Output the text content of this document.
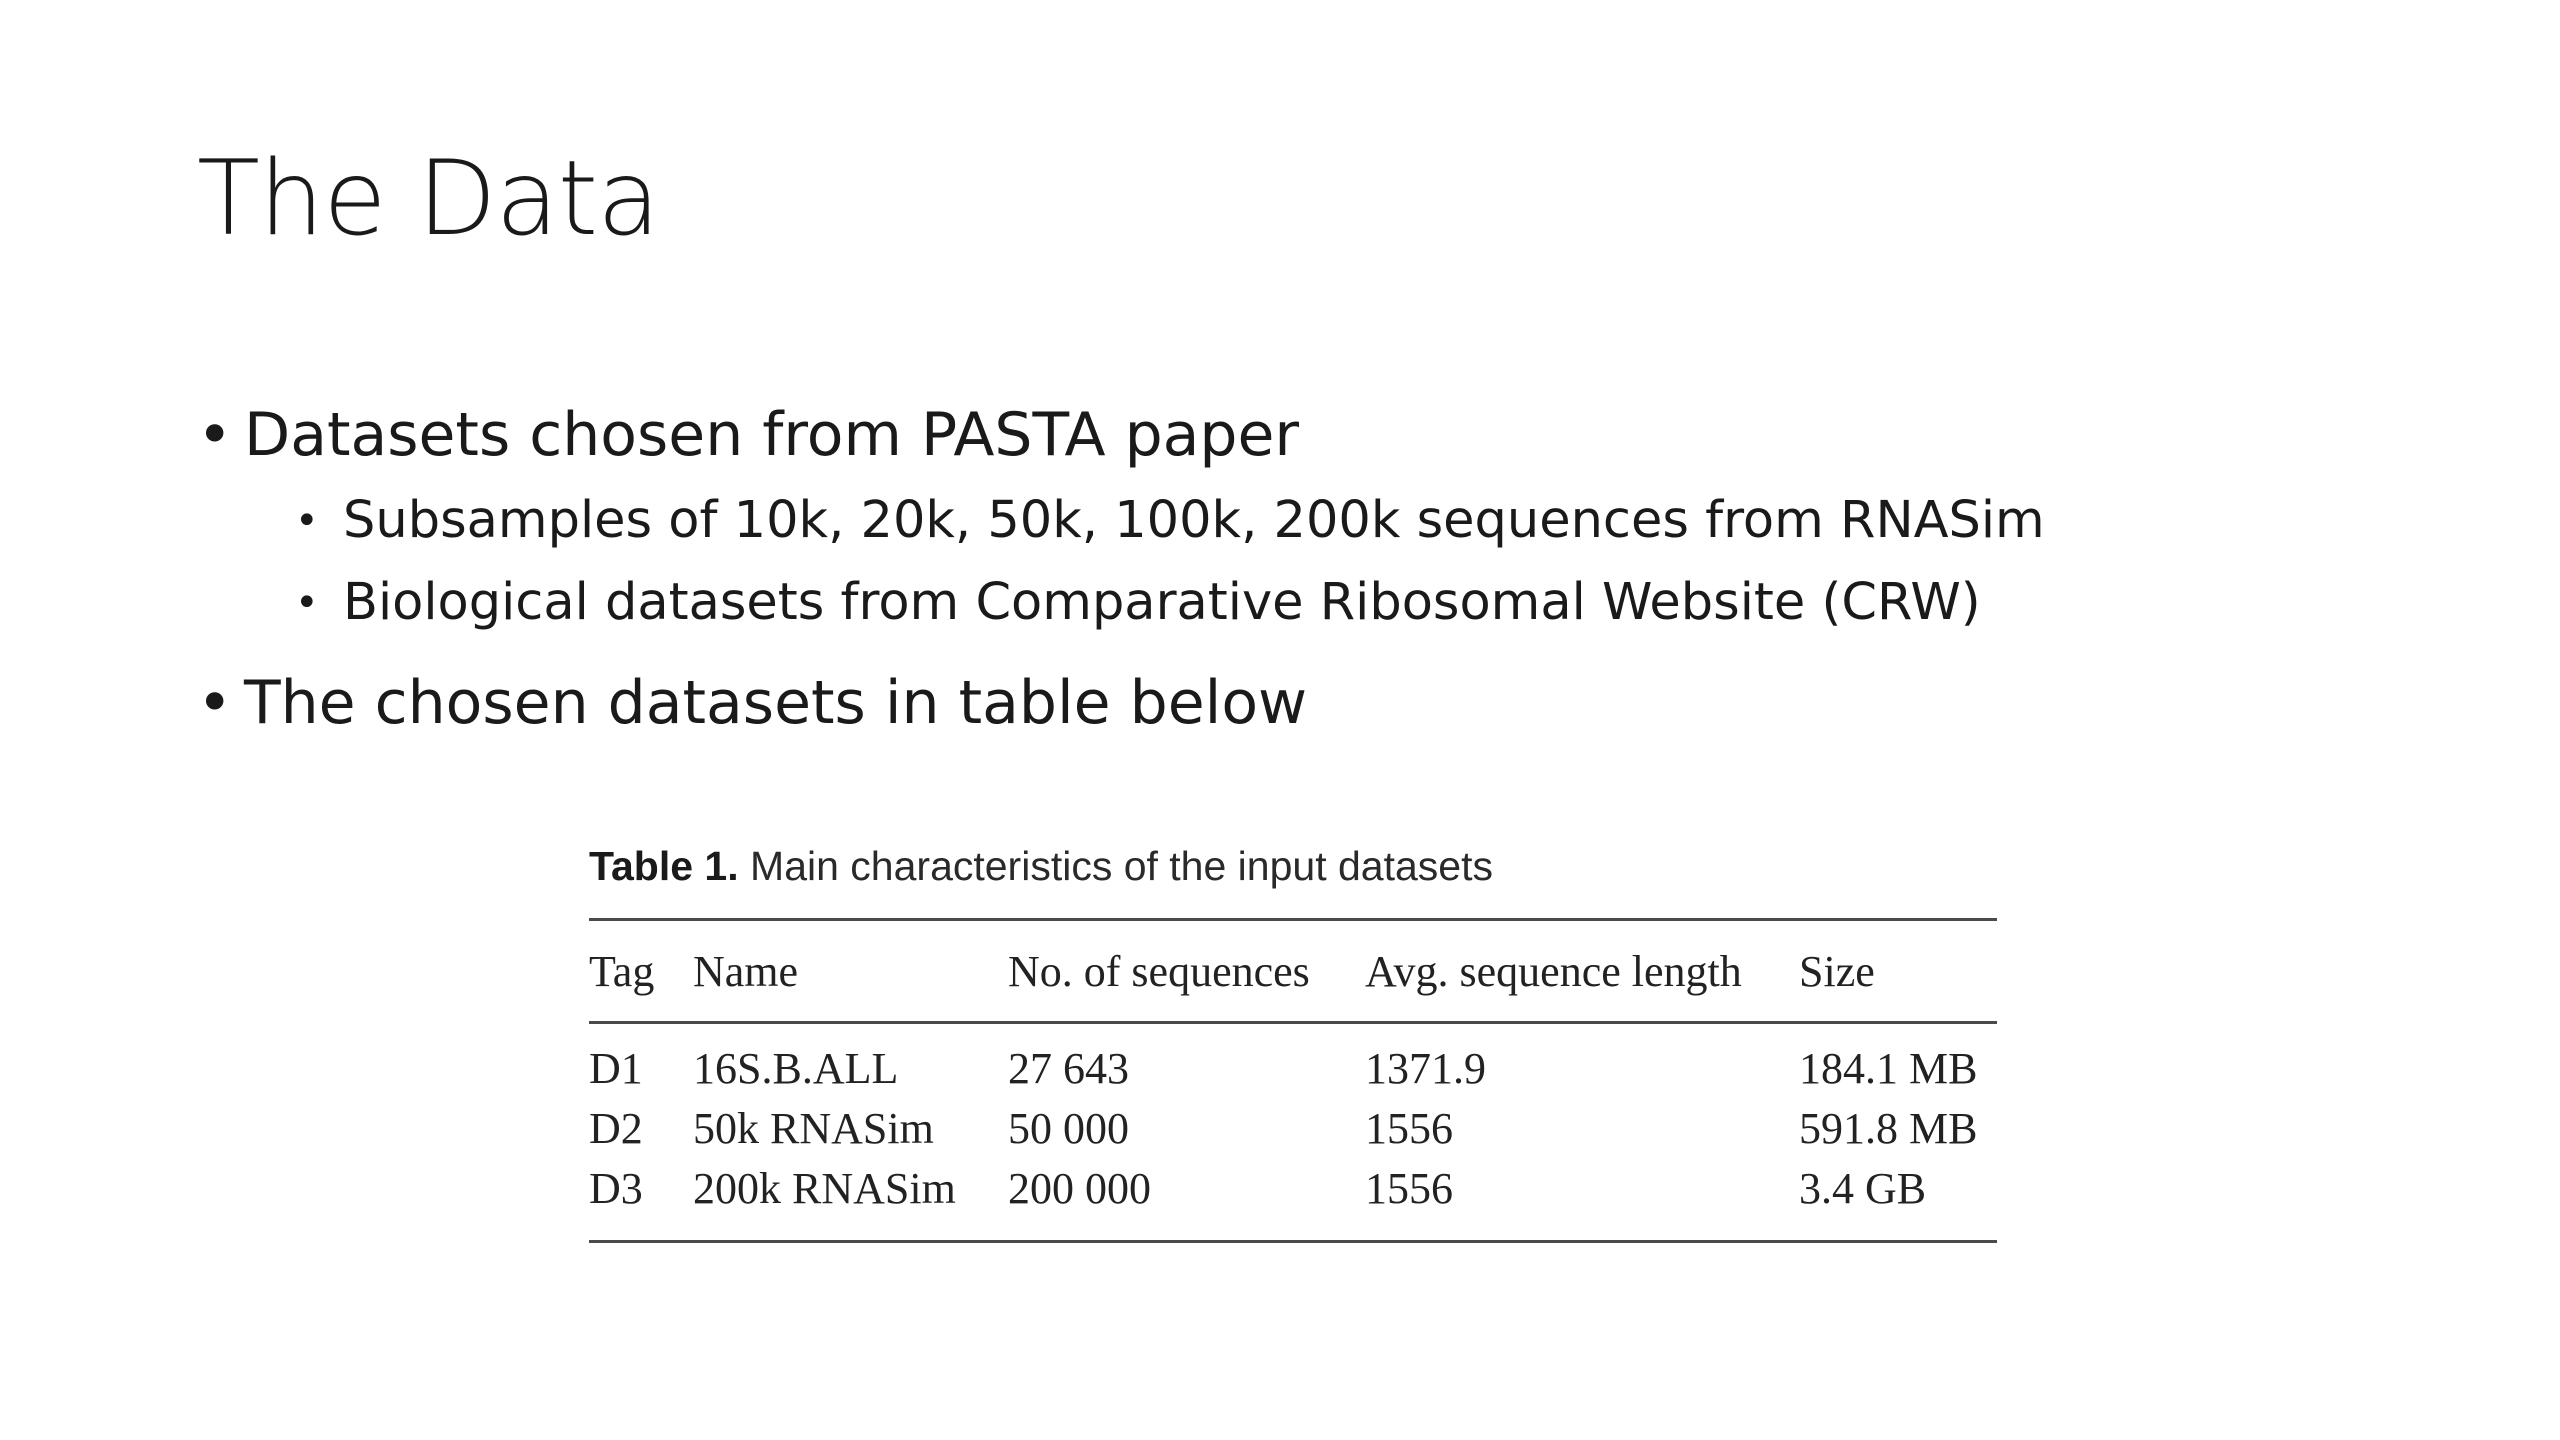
The Data

• Datasets chosen from PASTA paper

• Subsamples of 10k, 20k, 50k, 100k, 200k sequences from RNASim

• Biological datasets from Comparative Ribosomal Website (CRW)

• The chosen datasets in table below

Table 1. Main characteristics of the input datasets
Tag	Name	No. of sequences	Avg. sequence length	Size

D1	16S.B.ALL	27 643	1371.9	184.1 MB
D2	50k RNASim	50 000	1556	591.8 MB
D3	200k RNASim	200 000	1556	3.4 GB
